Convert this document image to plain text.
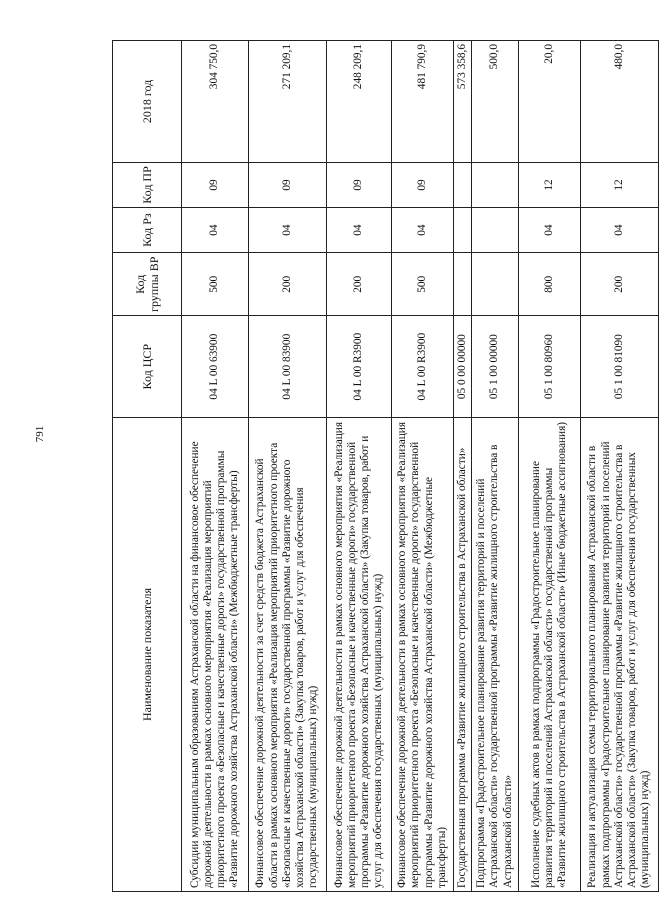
791
Наименование показателя	Код ЦСР	Код группы ВР	Код Рз	Код ПР	2018 год
Субсидии муниципальным образованиям Астраханской области на финансовое обеспечение дорожной деятельности в рамках основного мероприятия «Реализация мероприятий приоритетного проекта «Безопасные и качественные дороги» государственной программы «Развитие дорожного хозяйства Астраханской области» (Межбюджетные трансферты)	04 L 00 63900	500	04	09	304 750,0
Финансовое обеспечение дорожной деятельности за счет средств бюджета Астраханской области в рамках основного мероприятия «Реализация мероприятий приоритетного проекта «Безопасные и качественные дороги» государственной программы «Развитие дорожного хозяйства Астраханской области» (Закупка товаров, работ и услуг для обеспечения государственных (муниципальных) нужд)	04 L 00 83900	200	04	09	271 209,1
Финансовое обеспечение дорожной деятельности в рамках основного мероприятия «Реализация мероприятий приоритетного проекта «Безопасные и качественные дороги» государственной программы «Развитие дорожного хозяйства Астраханской области» (Закупка товаров, работ и услуг для обеспечения государственных (муниципальных) нужд)	04 L 00 R3900	200	04	09	248 209,1
Финансовое обеспечение дорожной деятельности в рамках основного мероприятия «Реализация мероприятий приоритетного проекта «Безопасные и качественные дороги» государственной программы «Развитие дорожного хозяйства Астраханской области» (Межбюджетные трансферты)	04 L 00 R3900	500	04	09	481 790,9
Государственная программа «Развитие жилищного строительства в Астраханской области»	05 0 00 00000				573 358,6
Подпрограмма «Градостроительное планирование развития территорий и поселений Астраханской области» государственной программы «Развитие жилищного строительства в Астраханской области»	05 1 00 00000				500,0
Исполнение судебных актов в рамках подпрограммы «Градостроительное планирование развития территорий и поселений Астраханской области» государственной программы «Развитие жилищного строительства в Астраханской области» (Иные бюджетные ассигнования)	05 1 00 80960	800	04	12	20,0
Реализация и актуализация схемы территориального планирования Астраханской области в рамках подпрограммы «Градостроительное планирование развития территорий и поселений Астраханской области» государственной программы «Развитие жилищного строительства в Астраханской области» (Закупка товаров, работ и услуг для обеспечения государственных (муниципальных) нужд)	05 1 00 81090	200	04	12	480,0
